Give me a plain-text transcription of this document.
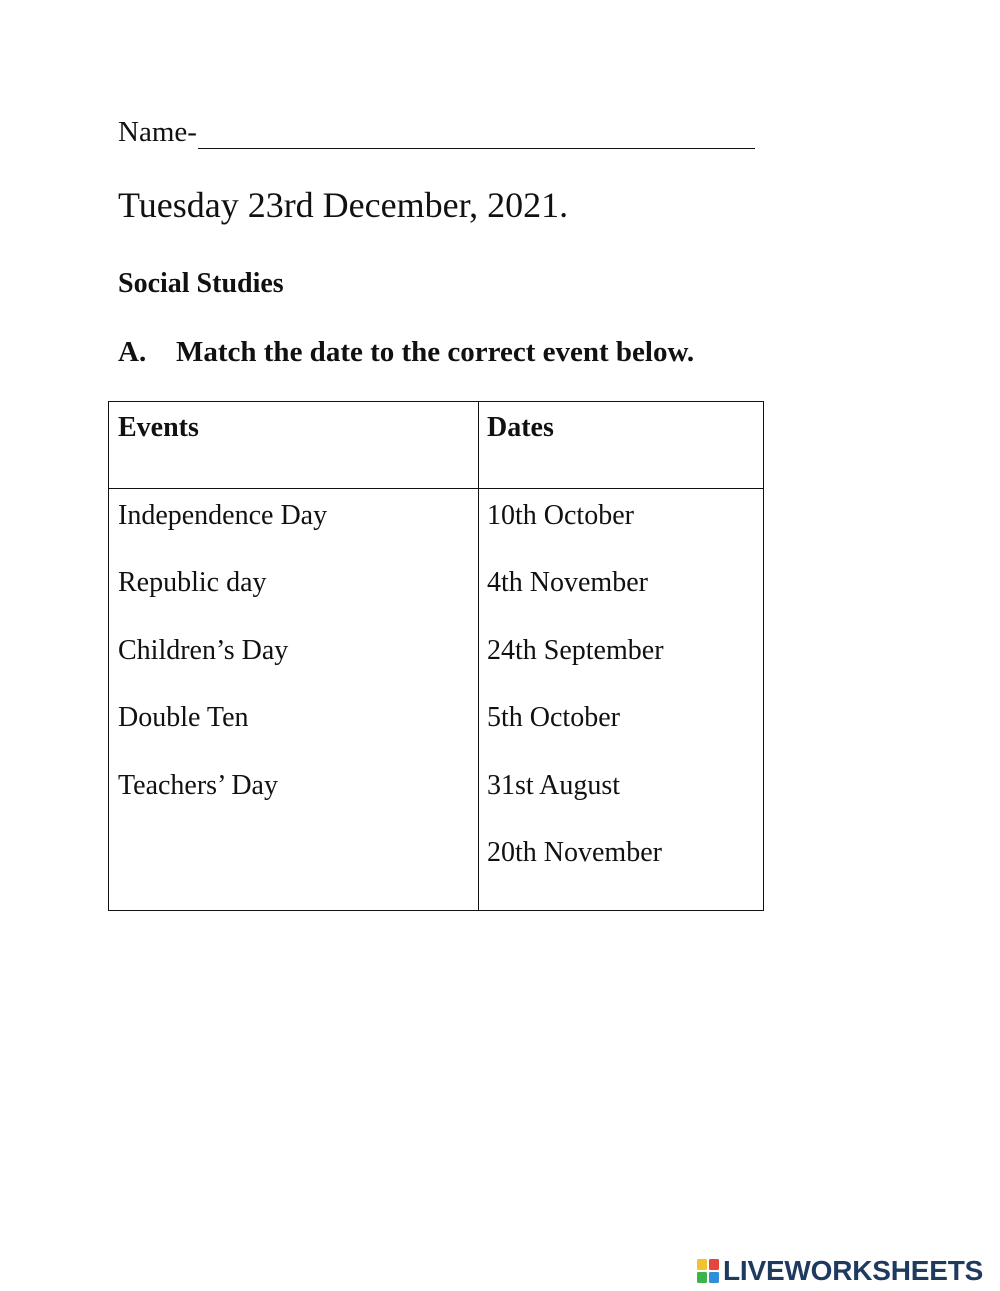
Name-
Tuesday 23rd December, 2021.
Social Studies
A.	Match the date to the correct event below.
Events	Dates
Independence Day
Republic day
Children’s Day
Double Ten
Teachers’ Day
10th October
4th November
24th September
5th October
31st August
20th November
LIVEWORKSHEETS
